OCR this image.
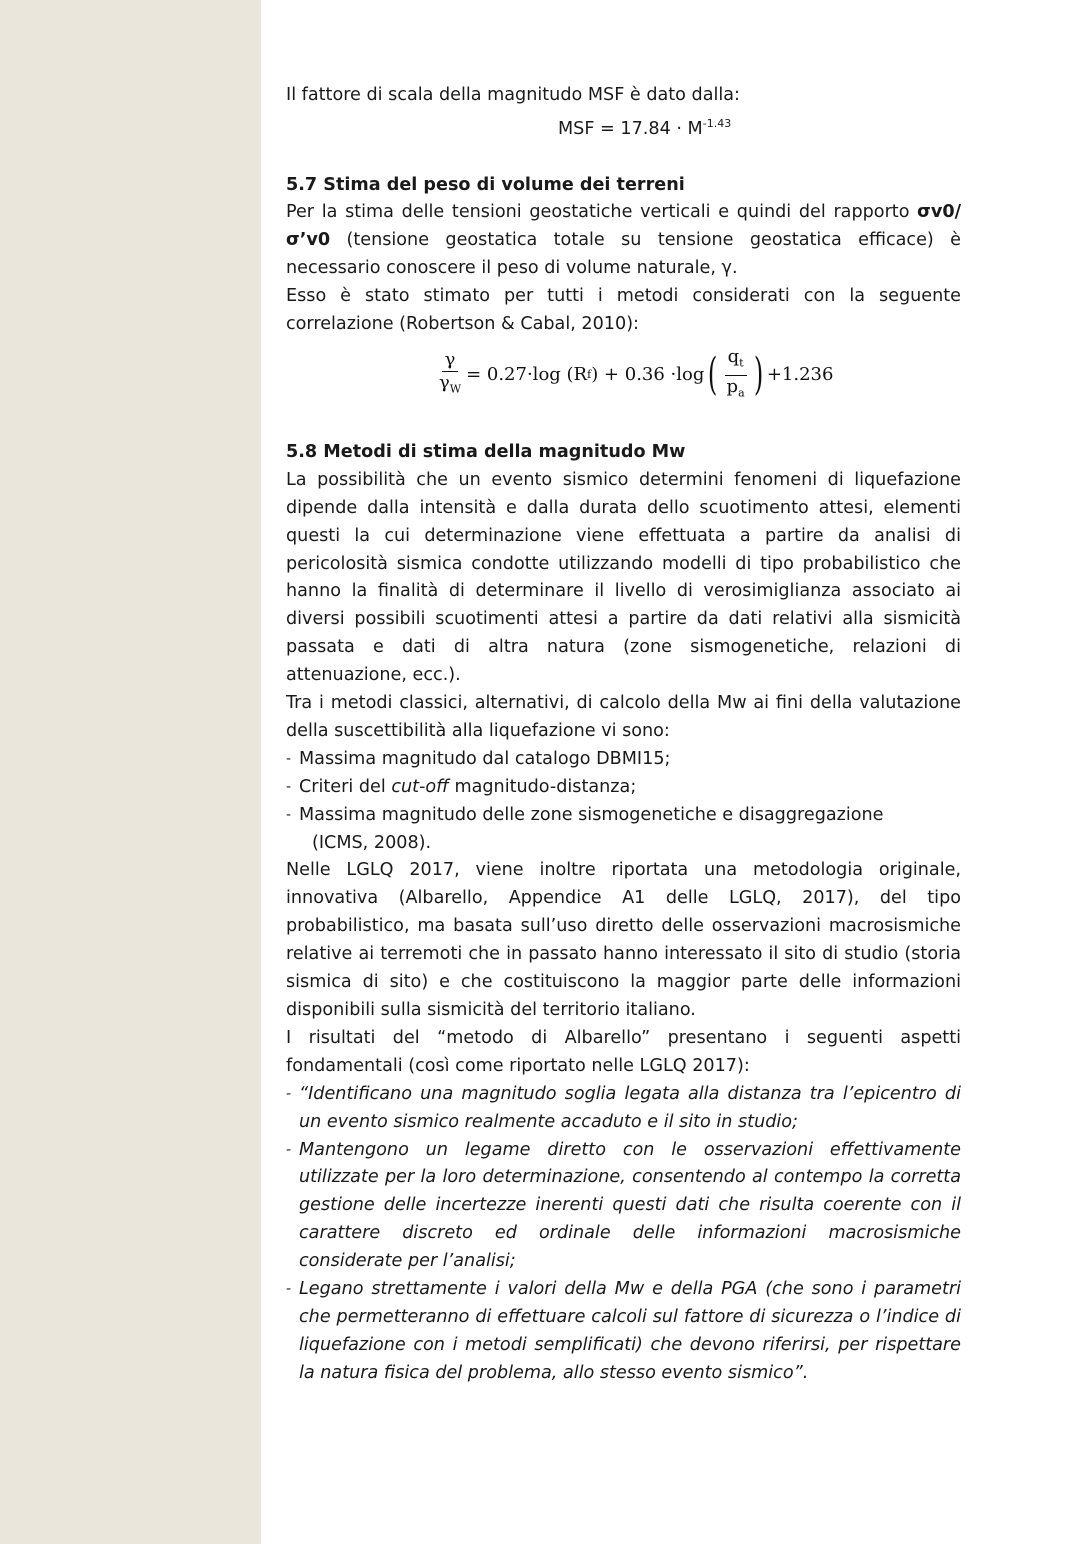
Il fattore di scala della magnitudo MSF è dato dalla:

MSF = $17.84 \cdot M^{-1.43}$

5.7 Stima del peso di volume dei terreni

Per la stima delle tensioni geostatiche verticali e quindi del rapporto σv0/σ’v0 (tensione geostatica totale su tensione geostatica efficace) è necessario conoscere il peso di volume naturale, γ.

Esso è stato stimato per tutti i metodi considerati con la seguente correlazione (Robertson & Cabal, 2010):

$\frac{\gamma}{\gamma_W} = 0.27\cdot\log$ (R f ) + 0.36 ·log ( $\frac{q_t}{p_a}$ ) +1.236
5.8 Metodi di stima della magnitudo Mw

La possibilità che un evento sismico determini fenomeni di liquefazione dipende dalla intensità e dalla durata dello scuotimento attesi, elementi questi la cui determinazione viene effettuata a partire da analisi di pericolosità sismica condotte utilizzando modelli di tipo probabilistico che hanno la finalità di determinare il livello di verosimiglianza associato ai diversi possibili scuotimenti attesi a partire da dati relativi alla sismicità passata e dati di altra natura (zone sismogenetiche, relazioni di attenuazione, ecc.).

Tra i metodi classici, alternativi, di calcolo della Mw ai fini della valutazione della suscettibilità alla liquefazione vi sono:

- Massima magnitudo dal catalogo DBMI15;
- Criteri del cut-off magnitudo-distanza;
- Massima magnitudo delle zone sismogenetiche e disaggregazione
(ICMS, 2008).

Nelle LGLQ 2017, viene inoltre riportata una metodologia originale, innovativa (Albarello, Appendice A1 delle LGLQ, 2017), del tipo probabilistico, ma basata sull’uso diretto delle osservazioni macrosismiche relative ai terremoti che in passato hanno interessato il sito di studio (storia sismica di sito) e che costituiscono la maggior parte delle informazioni disponibili sulla sismicità del territorio italiano.

I risultati del “metodo di Albarello” presentano i seguenti aspetti fondamentali (così come riportato nelle LGLQ 2017):

- “Identificano una magnitudo soglia legata alla distanza tra l’epicentro di un evento sismico realmente accaduto e il sito in studio;
- Mantengono un legame diretto con le osservazioni effettivamente utilizzate per la loro determinazione, consentendo al contempo la corretta gestione delle incertezze inerenti questi dati che risulta coerente con il carattere discreto ed ordinale delle informazioni macrosismiche considerate per l’analisi;
- Legano strettamente i valori della Mw e della PGA (che sono i parametri che permetteranno di effettuare calcoli sul fattore di sicurezza o l’indice di liquefazione con i metodi semplificati) che devono riferirsi, per rispettare la natura fisica del problema, allo stesso evento sismico”.
